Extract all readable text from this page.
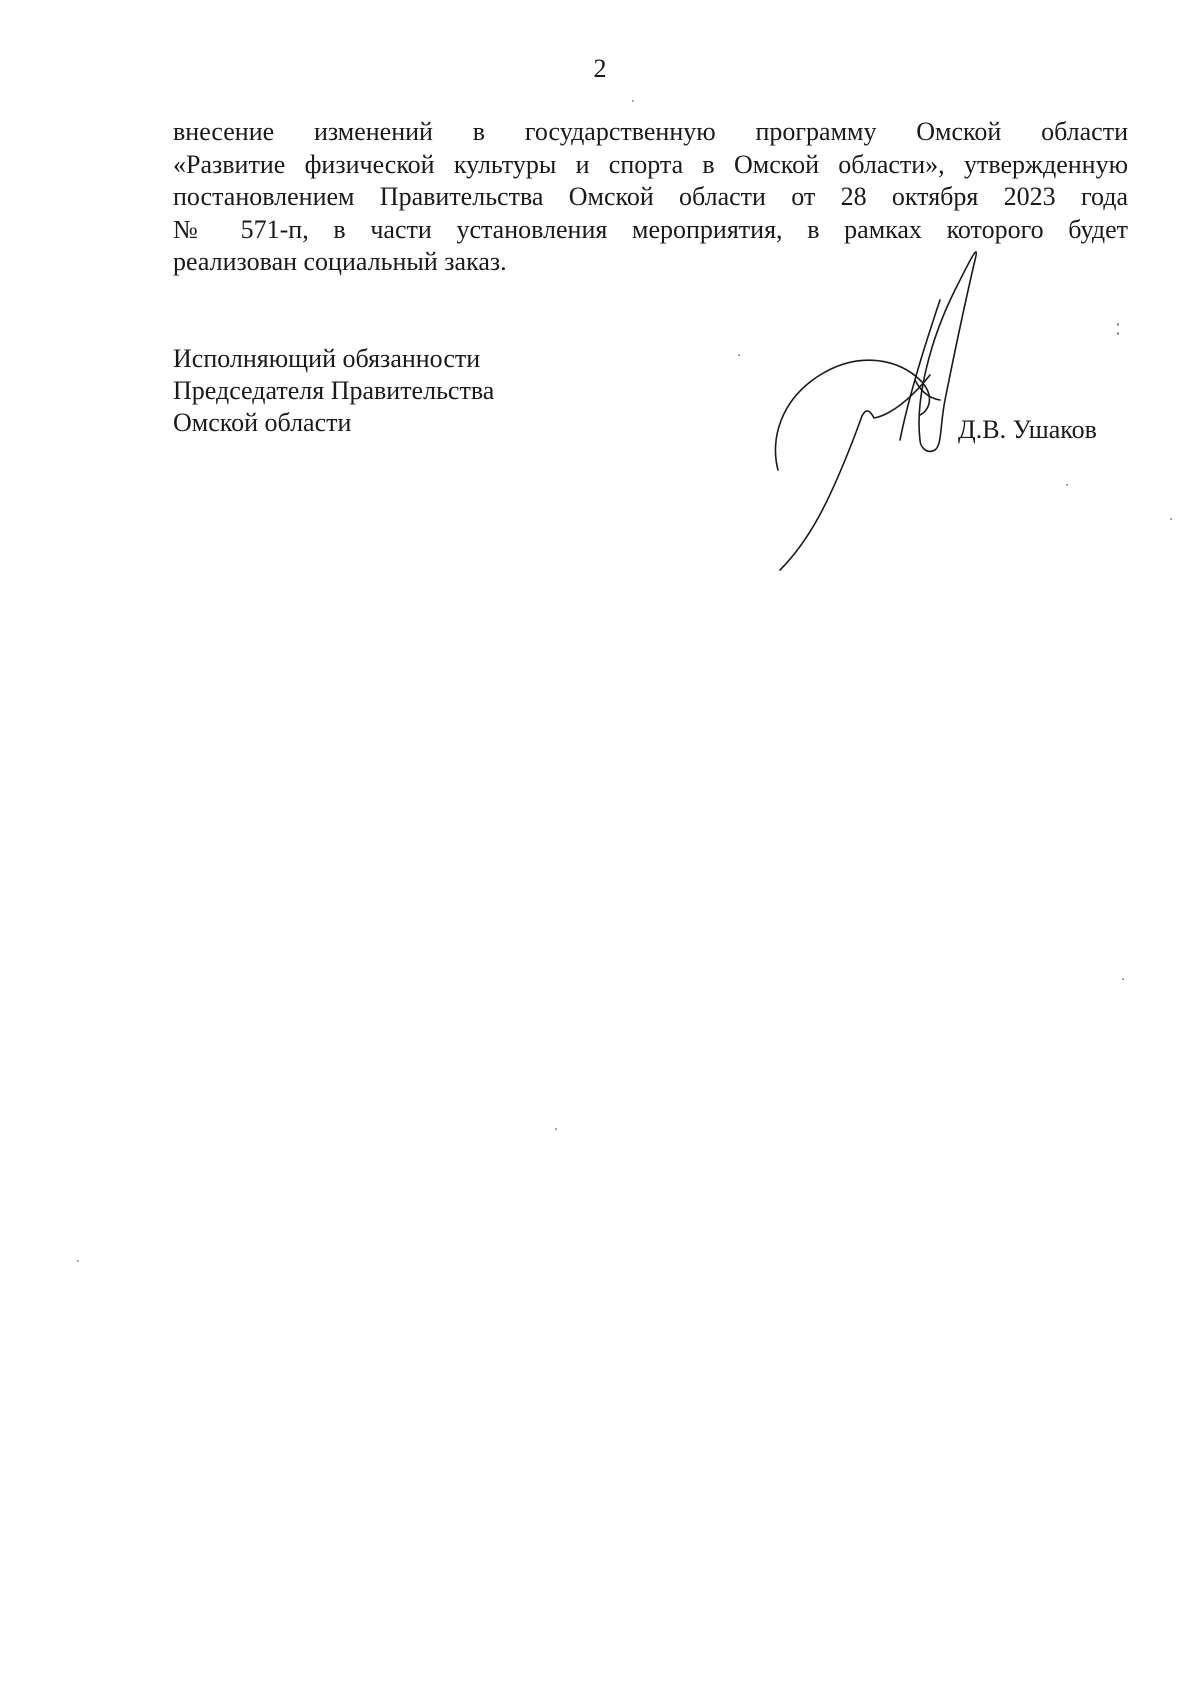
2

внесение изменений в государственную программу Омской области
«Развитие физической культуры и спорта в Омской области», утвержденную
постановлением Правительства Омской области от 28 октября 2023 года
№ 571-п, в части установления мероприятия, в рамках которого будет
реализован социальный заказ.

Исполняющий обязанности
Председателя Правительства
Омской области	Д.В. Ушаков
